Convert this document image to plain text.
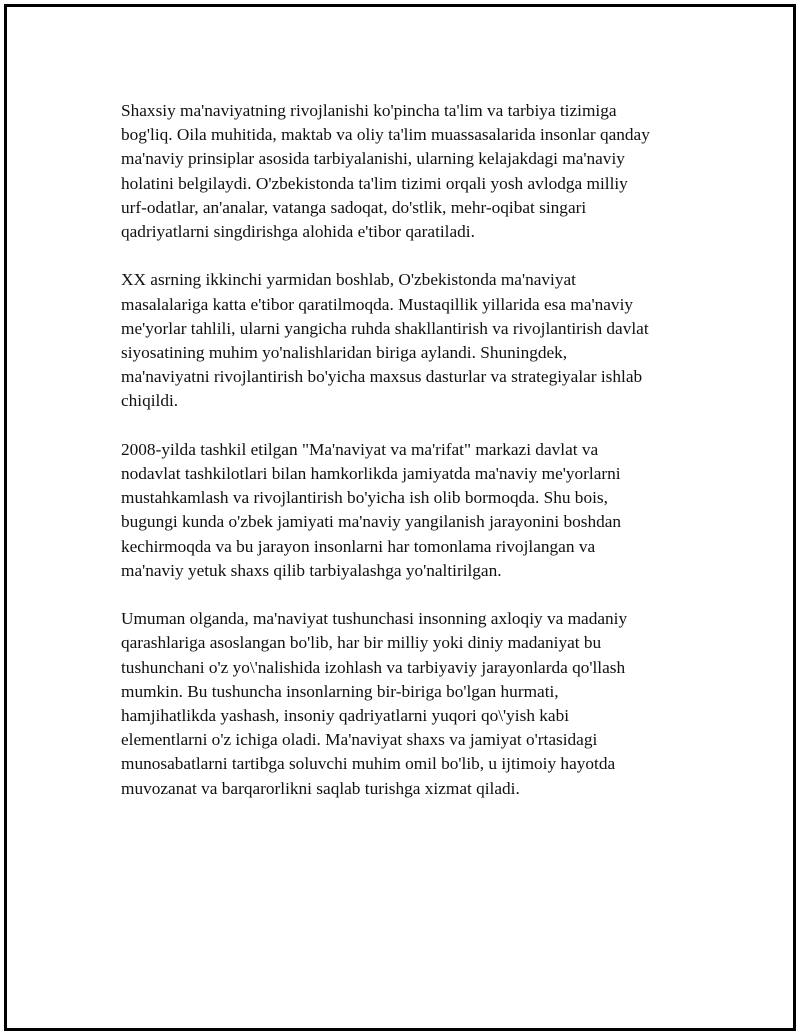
Shaxsiy ma'naviyatning rivojlanishi ko'pincha ta'lim va tarbiya tizimiga
bog'liq. Oila muhitida, maktab va oliy ta'lim muassasalarida insonlar qanday
ma'naviy prinsiplar asosida tarbiyalanishi, ularning kelajakdagi ma'naviy
holatini belgilaydi. O'zbekistonda ta'lim tizimi orqali yosh avlodga milliy
urf-odatlar, an'analar, vatanga sadoqat, do'stlik, mehr-oqibat singari
qadriyatlarni singdirishga alohida e'tibor qaratiladi.

XX asrning ikkinchi yarmidan boshlab, O'zbekistonda ma'naviyat
masalalariga katta e'tibor qaratilmoqda. Mustaqillik yillarida esa ma'naviy
me'yorlar tahlili, ularni yangicha ruhda shakllantirish va rivojlantirish davlat
siyosatining muhim yo'nalishlaridan biriga aylandi. Shuningdek,
ma'naviyatni rivojlantirish bo'yicha maxsus dasturlar va strategiyalar ishlab
chiqildi.

2008-yilda tashkil etilgan "Ma'naviyat va ma'rifat" markazi davlat va
nodavlat tashkilotlari bilan hamkorlikda jamiyatda ma'naviy me'yorlarni
mustahkamlash va rivojlantirish bo'yicha ish olib bormoqda. Shu bois,
bugungi kunda o'zbek jamiyati ma'naviy yangilanish jarayonini boshdan
kechirmoqda va bu jarayon insonlarni har tomonlama rivojlangan va
ma'naviy yetuk shaxs qilib tarbiyalashga yo'naltirilgan.

Umuman olganda, ma'naviyat tushunchasi insonning axloqiy va madaniy
qarashlariga asoslangan bo'lib, har bir milliy yoki diniy madaniyat bu
tushunchani o'z yo\'nalishida izohlash va tarbiyaviy jarayonlarda qo'llash
mumkin. Bu tushuncha insonlarning bir-biriga bo'lgan hurmati,
hamjihatlikda yashash, insoniy qadriyatlarni yuqori qo\'yish kabi
elementlarni o'z ichiga oladi. Ma'naviyat shaxs va jamiyat o'rtasidagi
munosabatlarni tartibga soluvchi muhim omil bo'lib, u ijtimoiy hayotda
muvozanat va barqarorlikni saqlab turishga xizmat qiladi.
